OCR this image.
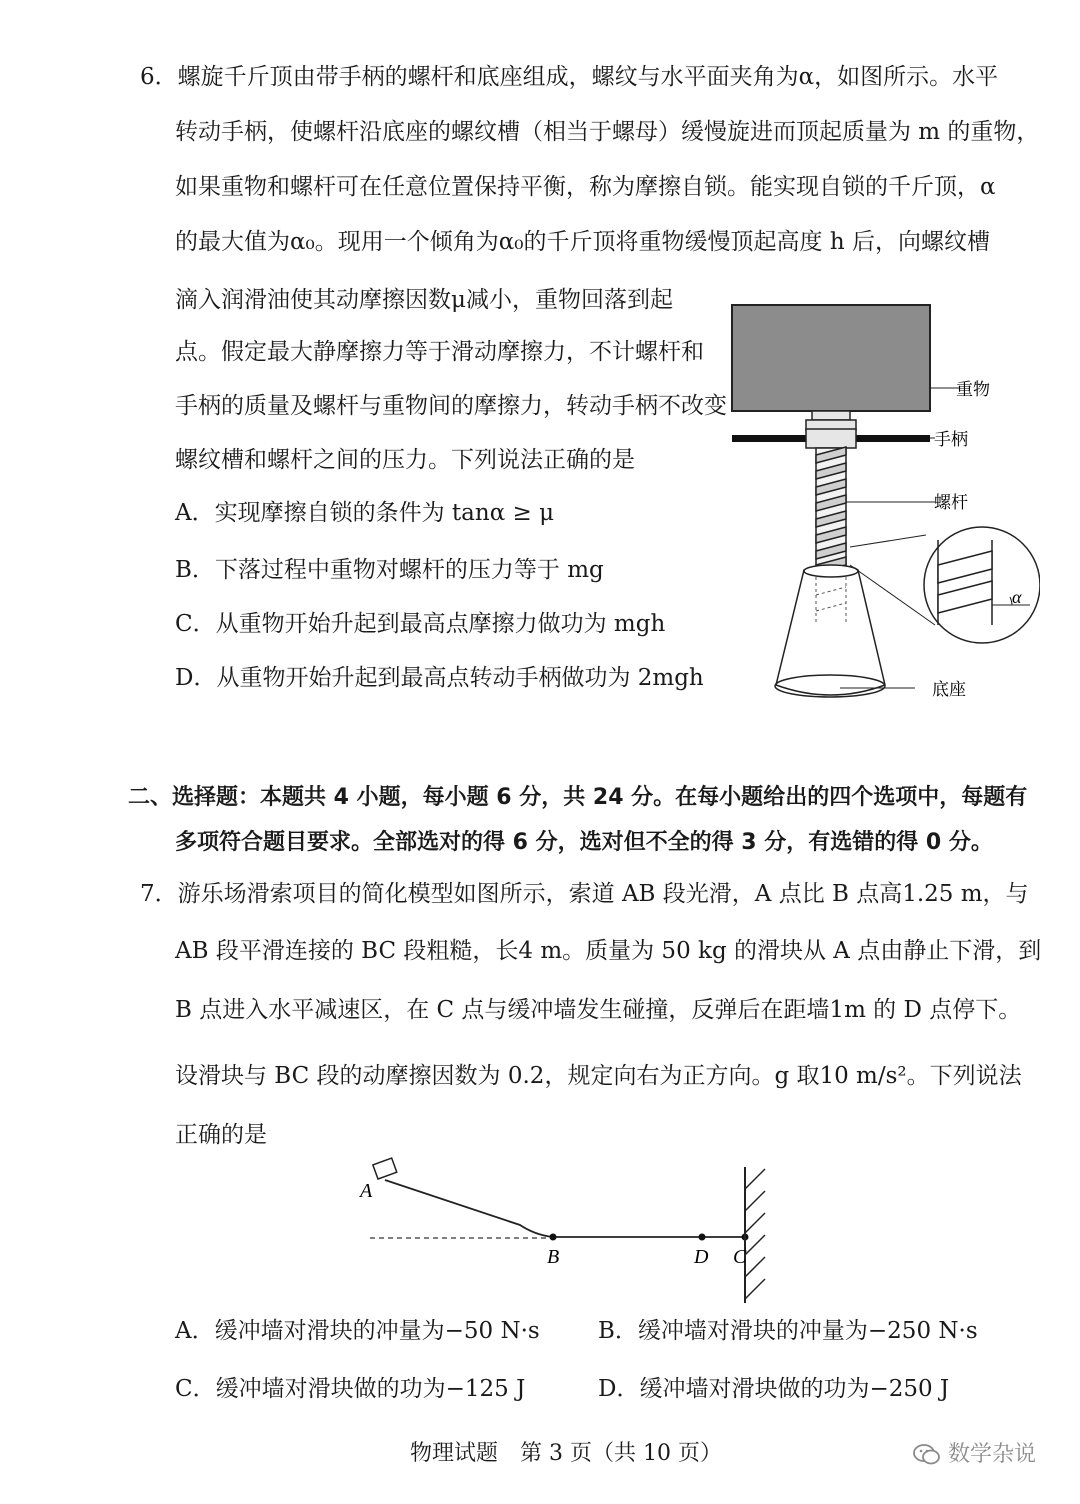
6．螺旋千斤顶由带手柄的螺杆和底座组成，螺纹与水平面夹角为α，如图所示。水平
转动手柄，使螺杆沿底座的螺纹槽（相当于螺母）缓慢旋进而顶起质量为 m 的重物，
如果重物和螺杆可在任意位置保持平衡，称为摩擦自锁。能实现自锁的千斤顶，α
的最大值为α₀。现用一个倾角为α₀的千斤顶将重物缓慢顶起高度 h 后，向螺纹槽
滴入润滑油使其动摩擦因数μ减小，重物回落到起
点。假定最大静摩擦力等于滑动摩擦力，不计螺杆和
手柄的质量及螺杆与重物间的摩擦力，转动手柄不改变
螺纹槽和螺杆之间的压力。下列说法正确的是
A．实现摩擦自锁的条件为 tanα ≥ μ
B．下落过程中重物对螺杆的压力等于 mg
C．从重物开始升起到最高点摩擦力做功为 mgh
D．从重物开始升起到最高点转动手柄做功为 2mgh
α
重物
手柄
螺杆
底座
二、选择题：本题共 4 小题，每小题 6 分，共 24 分。在每小题给出的四个选项中，每题有
多项符合题目要求。全部选对的得 6 分，选对但不全的得 3 分，有选错的得 0 分。
7．游乐场滑索项目的简化模型如图所示，索道 AB 段光滑，A 点比 B 点高1.25 m，与
AB 段平滑连接的 BC 段粗糙，长4 m。质量为 50 kg 的滑块从 A 点由静止下滑，到
B 点进入水平减速区，在 C 点与缓冲墙发生碰撞，反弹后在距墙1m 的 D 点停下。
设滑块与 BC 段的动摩擦因数为 0.2，规定向右为正方向。g 取10 m/s²。下列说法
正确的是
A
B	D C
A．缓冲墙对滑块的冲量为−50 N·s	B．缓冲墙对滑块的冲量为−250 N·s
C．缓冲墙对滑块做的功为−125 J	D．缓冲墙对滑块做的功为−250 J
物理试题　第 3 页（共 10 页）	数学杂说
